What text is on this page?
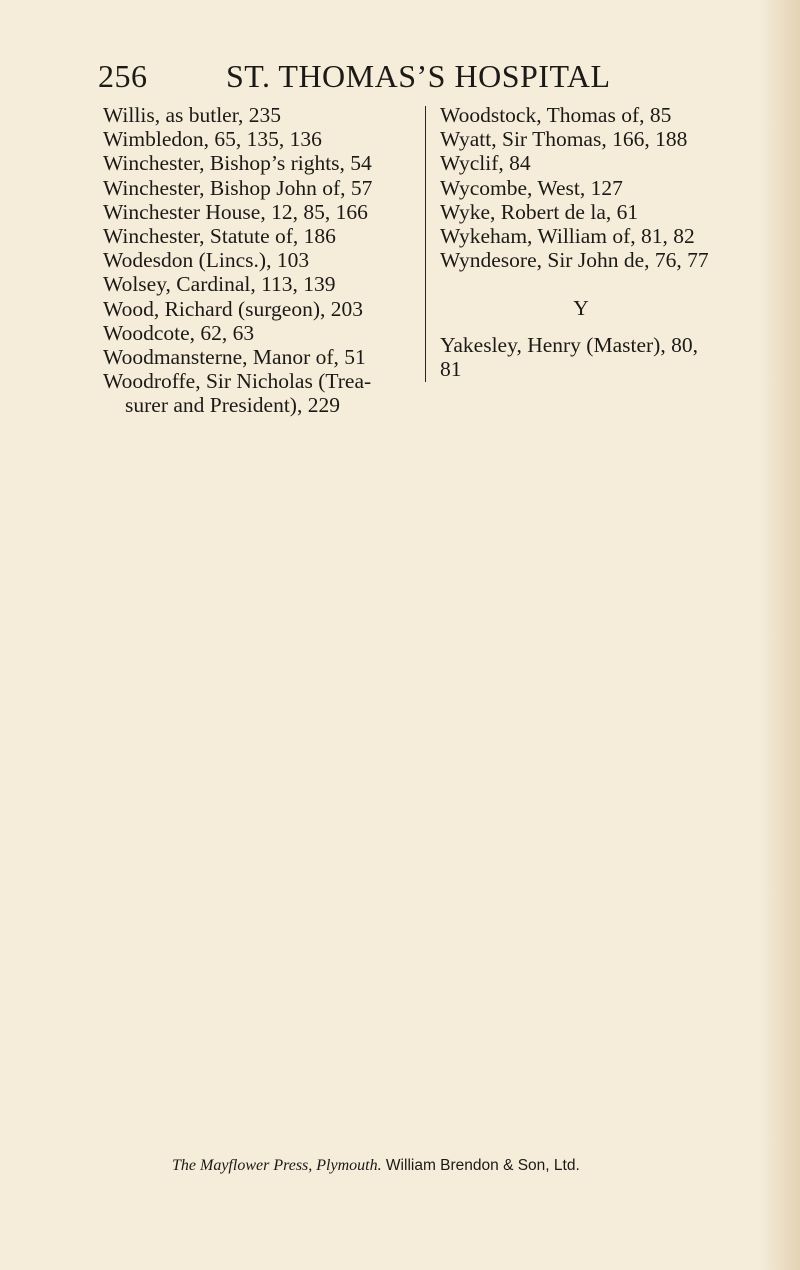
256 ST. THOMAS’S HOSPITAL
Willis, as butler, 235
Wimbledon, 65, 135, 136
Winchester, Bishop’s rights, 54
Winchester, Bishop John of, 57
Winchester House, 12, 85, 166
Winchester, Statute of, 186
Wodesdon (Lincs.), 103
Wolsey, Cardinal, 113, 139
Wood, Richard (surgeon), 203
Woodcote, 62, 63
Woodmansterne, Manor of, 51
Woodroffe, Sir Nicholas (Trea-
surer and President), 229
Woodstock, Thomas of, 85
Wyatt, Sir Thomas, 166, 188
Wyclif, 84
Wycombe, West, 127
Wyke, Robert de la, 61
Wykeham, William of, 81, 82
Wyndesore, Sir John de, 76, 77
Y
Yakesley, Henry (Master), 80,
81
The Mayflower Press, Plymouth. William Brendon & Son, Ltd.
